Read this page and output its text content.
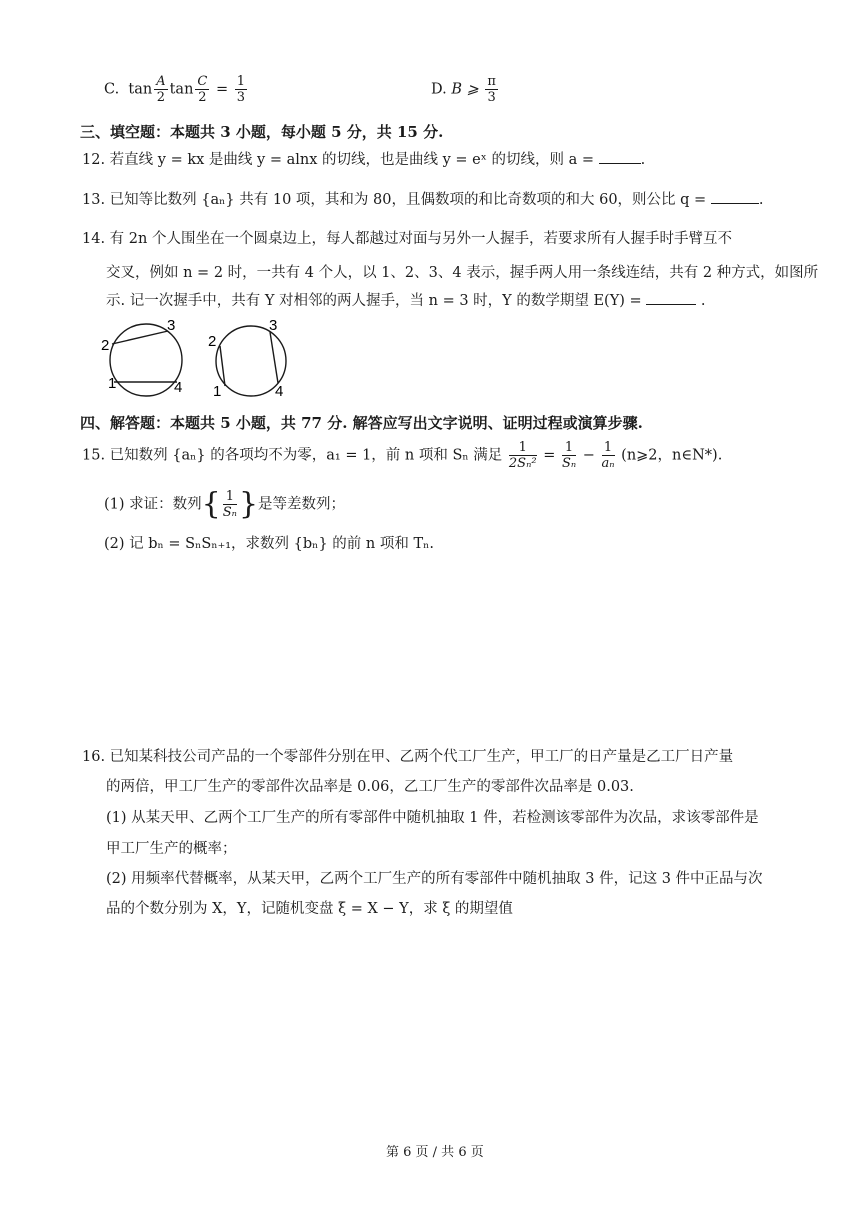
C. $\tan \frac{A}{2}$ $\tan \frac{C}{2} = \frac{1}{3}$	D. B ⩾ $\frac{\pi}{3}$
三、填空题：本题共 3 小题，每小题 5 分，共 15 分.
12. 若直线 y = kx 是曲线 y = alnx 的切线，也是曲线 y = eˣ 的切线，则 a =	.
13. 已知等比数列 {aₙ} 共有 10 项，其和为 80，且偶数项的和比奇数项的和大 60，则公比 q =	.
14. 有 2n 个人围坐在一个圆桌边上，每人都越过对面与另外一人握手，若要求所有人握手时手臂互不
交叉，例如 n = 2 时，一共有 4 个人，以 1、2、3、4 表示，握手两人用一条线连结，共有 2 种方式，如图所
示. 记一次握手中，共有 Y 对相邻的两人握手，当 n = 3 时，Y 的数学期望 E(Y) =	.
2
3
1	4
2
3
1	4
四、解答题：本题共 5 小题，共 77 分. 解答应写出文字说明、证明过程或演算步骤.
15. 已知数列 {aₙ} 的各项均不为零，a₁ = 1，前 n 项和 Sₙ 满足 $\frac{1}{\text{2Sₙ²}} = \frac{1}{\text{Sₙ}} - \frac{1}{\text{aₙ}}$ (n⩾2，n∈N*).
(1) 求证：数列{ $\frac{1}{\text{Sₙ}}$ }是等差数列；
(2) 记 bₙ = SₙSₙ₊₁，求数列 {bₙ} 的前 n 项和 Tₙ.
16. 已知某科技公司产品的一个零部件分别在甲、乙两个代工厂生产，甲工厂的日产量是乙工厂日产量
的两倍，甲工厂生产的零部件次品率是 0.06，乙工厂生产的零部件次品率是 0.03.
(1) 从某天甲、乙两个工厂生产的所有零部件中随机抽取 1 件，若检测该零部件为次品，求该零部件是
甲工厂生产的概率；
(2) 用频率代替概率，从某天甲，乙两个工厂生产的所有零部件中随机抽取 3 件，记这 3 件中正品与次
品的个数分别为 X，Y，记随机变盘 ξ = X − Y，求 ξ 的期望值
第 6 页 / 共 6 页
